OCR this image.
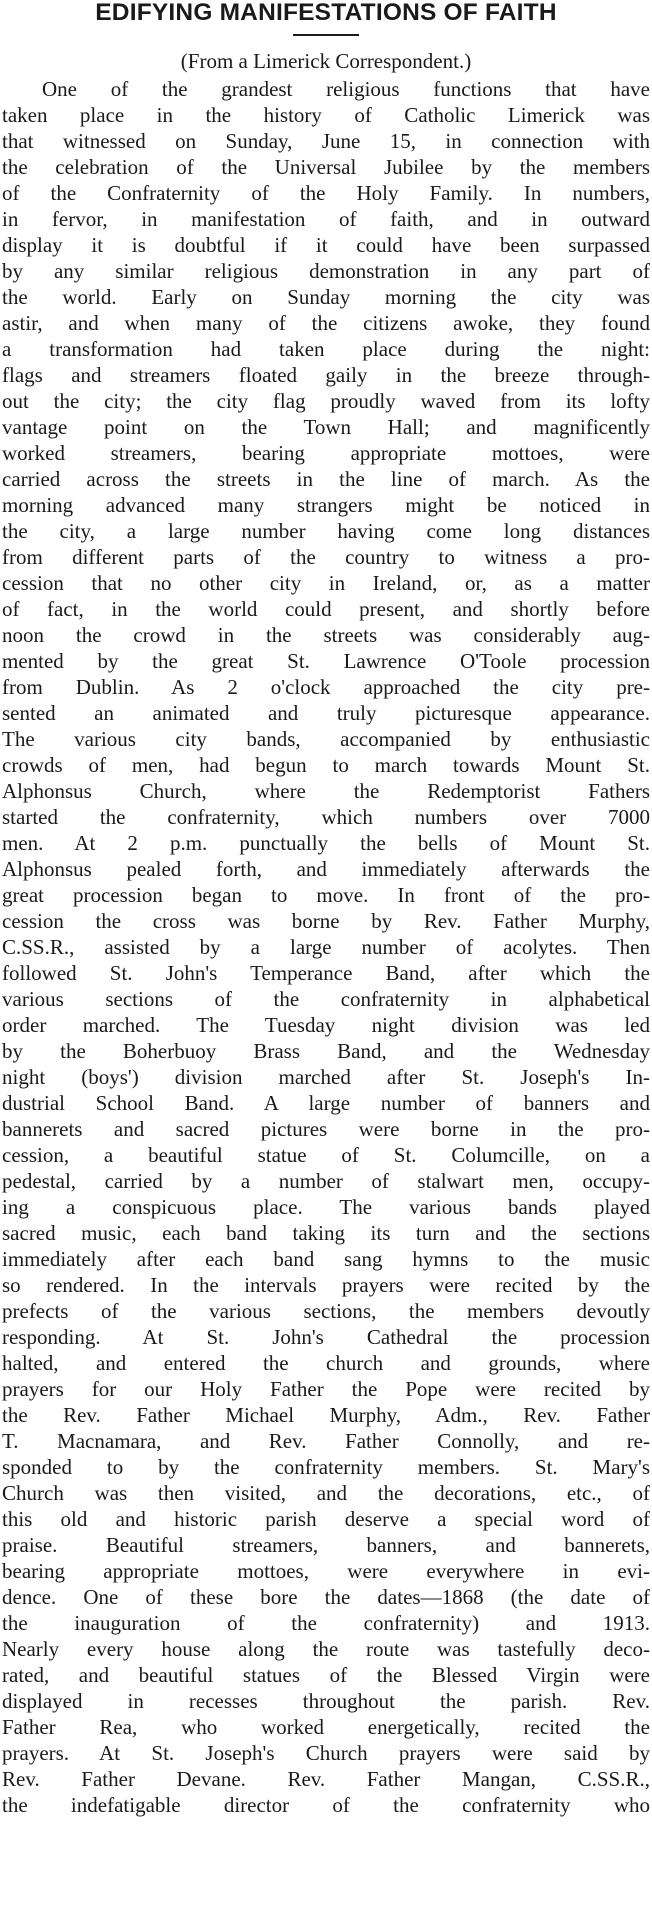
EDIFYING MANIFESTATIONS OF FAITH
(From a Limerick Correspondent.)
One of the grandest religious functions that have
taken place in the history of Catholic Limerick was
that witnessed on Sunday, June 15, in connection with
the celebration of the Universal Jubilee by the members
of the Confraternity of the Holy Family. In numbers,
in fervor, in manifestation of faith, and in outward
display it is doubtful if it could have been surpassed
by any similar religious demonstration in any part of
the world. Early on Sunday morning the city was
astir, and when many of the citizens awoke, they found
a transformation had taken place during the night:
flags and streamers floated gaily in the breeze through-
out the city; the city flag proudly waved from its lofty
vantage point on the Town Hall; and magnificently
worked streamers, bearing appropriate mottoes, were
carried across the streets in the line of march. As the
morning advanced many strangers might be noticed in
the city, a large number having come long distances
from different parts of the country to witness a pro-
cession that no other city in Ireland, or, as a matter
of fact, in the world could present, and shortly before
noon the crowd in the streets was considerably aug-
mented by the great St. Lawrence O'Toole procession
from Dublin. As 2 o'clock approached the city pre-
sented an animated and truly picturesque appearance.
The various city bands, accompanied by enthusiastic
crowds of men, had begun to march towards Mount St.
Alphonsus Church, where the Redemptorist Fathers
started the confraternity, which numbers over 7000
men. At 2 p.m. punctually the bells of Mount St.
Alphonsus pealed forth, and immediately afterwards the
great procession began to move. In front of the pro-
cession the cross was borne by Rev. Father Murphy,
C.SS.R., assisted by a large number of acolytes. Then
followed St. John's Temperance Band, after which the
various sections of the confraternity in alphabetical
order marched. The Tuesday night division was led
by the Boherbuoy Brass Band, and the Wednesday
night (boys') division marched after St. Joseph's In-
dustrial School Band. A large number of banners and
bannerets and sacred pictures were borne in the pro-
cession, a beautiful statue of St. Columcille, on a
pedestal, carried by a number of stalwart men, occupy-
ing a conspicuous place. The various bands played
sacred music, each band taking its turn and the sections
immediately after each band sang hymns to the music
so rendered. In the intervals prayers were recited by the
prefects of the various sections, the members devoutly
responding. At St. John's Cathedral the procession
halted, and entered the church and grounds, where
prayers for our Holy Father the Pope were recited by
the Rev. Father Michael Murphy, Adm., Rev. Father
T. Macnamara, and Rev. Father Connolly, and re-
sponded to by the confraternity members. St. Mary's
Church was then visited, and the decorations, etc., of
this old and historic parish deserve a special word of
praise. Beautiful streamers, banners, and bannerets,
bearing appropriate mottoes, were everywhere in evi-
dence. One of these bore the dates—1868 (the date of
the inauguration of the confraternity) and 1913.
Nearly every house along the route was tastefully deco-
rated, and beautiful statues of the Blessed Virgin were
displayed in recesses throughout the parish. Rev.
Father Rea, who worked energetically, recited the
prayers. At St. Joseph's Church prayers were said by
Rev. Father Devane. Rev. Father Mangan, C.SS.R.,
the indefatigable director of the confraternity who
